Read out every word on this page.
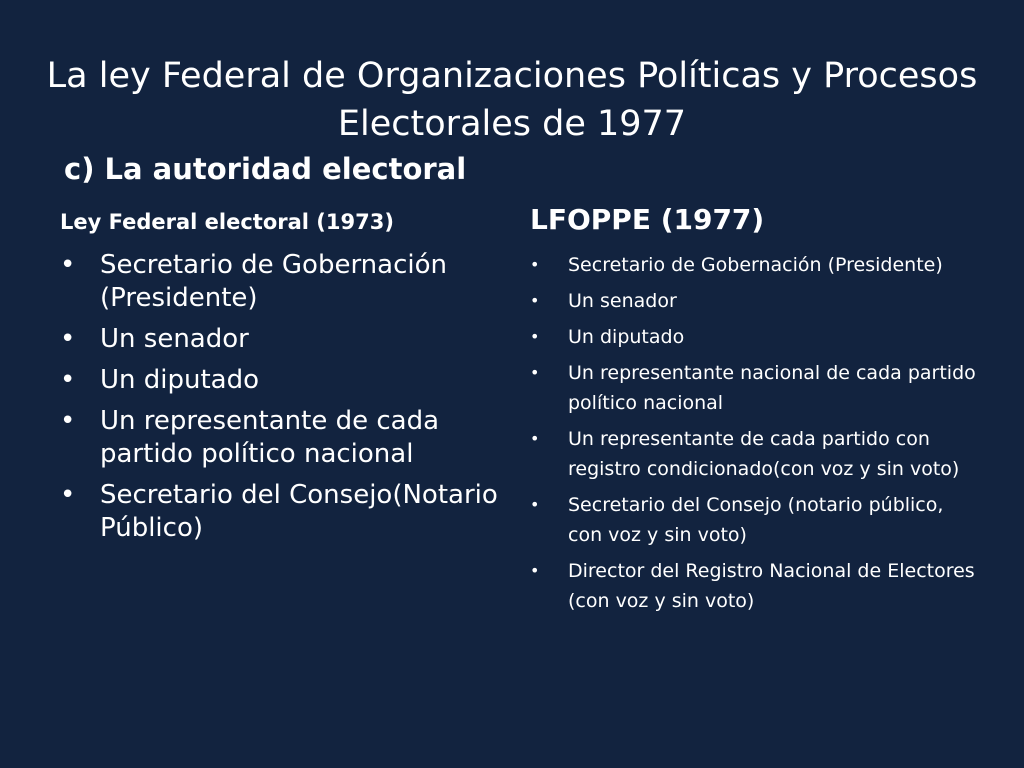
La ley Federal de Organizaciones Políticas y Procesos Electorales de 1977
c) La autoridad electoral
Ley Federal electoral (1973)
• Secretario de Gobernación (Presidente)
• Un senador
• Un diputado
• Un representante de cada partido político nacional
• Secretario del Consejo(Notario Público)
LFOPPE (1977)
• Secretario de Gobernación (Presidente)
• Un senador
• Un diputado
• Un representante nacional de cada partido político nacional
• Un representante de cada partido con registro condicionado(con voz y sin voto)
• Secretario del Consejo (notario público, con voz y sin voto)
• Director del Registro Nacional de Electores (con voz y sin voto)
